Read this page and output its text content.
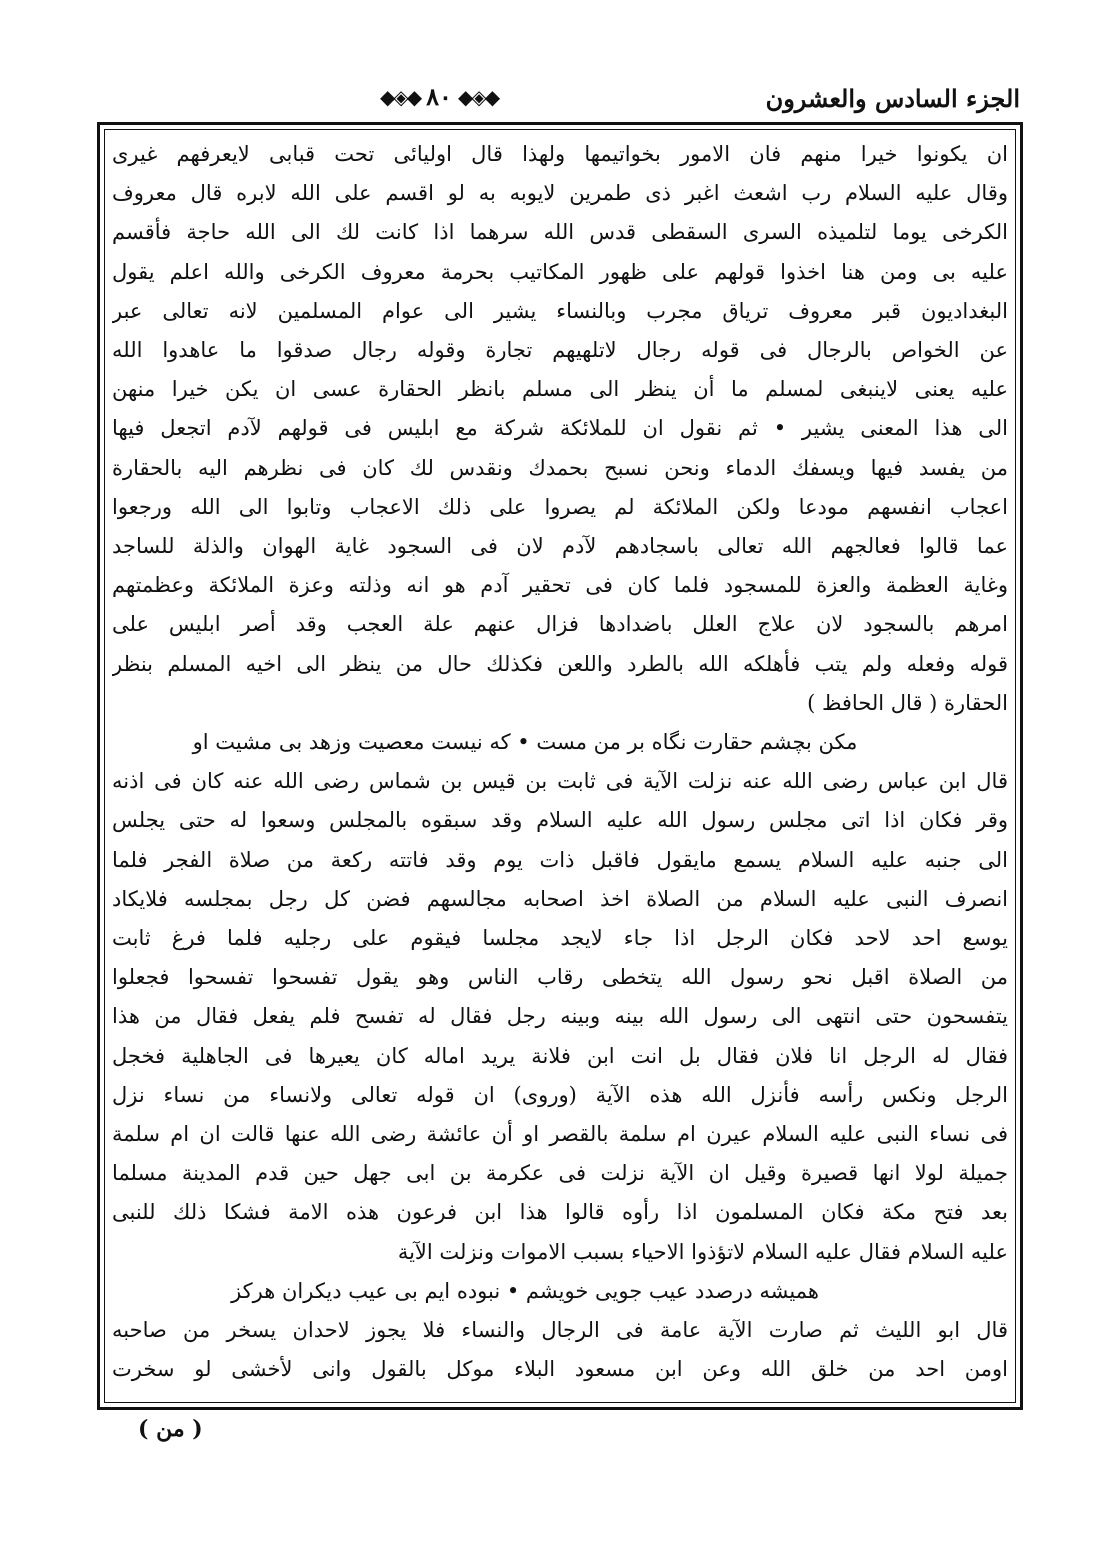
الجزء السادس والعشرون
◆◈◆
٨٠
◆◈◆
ان يكونوا خيرا منهم فان الامور بخواتيمها ولهذا قال اوليائى تحت قبابى لايعرفهم غيرى
وقال عليه السلام رب اشعث اغبر ذى طمرين لايوبه به لو اقسم على الله لابره قال معروف
الكرخى يوما لتلميذه السرى السقطى قدس الله سرهما اذا كانت لك الى الله حاجة فأقسم
عليه بى ومن هنا اخذوا قولهم على ظهور المكاتيب بحرمة معروف الكرخى والله اعلم يقول
البغداديون قبر معروف ترياق مجرب وبالنساء يشير الى عوام المسلمين لانه تعالى عبر
عن الخواص بالرجال فى قوله رجال لاتلهيهم تجارة وقوله رجال صدقوا ما عاهدوا الله
عليه يعنى لاينبغى لمسلم ما أن ينظر الى مسلم بانظر الحقارة عسى ان يكن خيرا منهن
الى هذا المعنى يشير • ثم نقول ان للملائكة شركة مع ابليس فى قولهم لآدم اتجعل فيها
من يفسد فيها ويسفك الدماء ونحن نسبح بحمدك ونقدس لك كان فى نظرهم اليه بالحقارة
اعجاب انفسهم مودعا ولكن الملائكة لم يصروا على ذلك الاعجاب وتابوا الى الله ورجعوا
عما قالوا فعالجهم الله تعالى باسجادهم لآدم لان فى السجود غاية الهوان والذلة للساجد
وغاية العظمة والعزة للمسجود فلما كان فى تحقير آدم هو انه وذلته وعزة الملائكة وعظمتهم
امرهم بالسجود لان علاج العلل باضدادها فزال عنهم علة العجب وقد أصر ابليس على
قوله وفعله ولم يتب فأهلكه الله بالطرد واللعن فكذلك حال من ينظر الى اخيه المسلم بنظر
الحقارة ( قال الحافظ )
مكن بچشم حقارت نگاه بر من مست • كه نيست معصيت وزهد بى مشيت او
قال ابن عباس رضى الله عنه نزلت الآية فى ثابت بن قيس بن شماس رضى الله عنه كان فى اذنه
وقر فكان اذا اتى مجلس رسول الله عليه السلام وقد سبقوه بالمجلس وسعوا له حتى يجلس
الى جنبه عليه السلام يسمع مايقول فاقبل ذات يوم وقد فاتته ركعة من صلاة الفجر فلما
انصرف النبى عليه السلام من الصلاة اخذ اصحابه مجالسهم فضن كل رجل بمجلسه فلايكاد
يوسع احد لاحد فكان الرجل اذا جاء لايجد مجلسا فيقوم على رجليه فلما فرغ ثابت
من الصلاة اقبل نحو رسول الله يتخطى رقاب الناس وهو يقول تفسحوا تفسحوا فجعلوا
يتفسحون حتى انتهى الى رسول الله بينه وبينه رجل فقال له تفسح فلم يفعل فقال من هذا
فقال له الرجل انا فلان فقال بل انت ابن فلانة يريد اماله كان يعيرها فى الجاهلية فخجل
الرجل ونكس رأسه فأنزل الله هذه الآية (وروى) ان قوله تعالى ولانساء من نساء نزل
فى نساء النبى عليه السلام عيرن ام سلمة بالقصر او أن عائشة رضى الله عنها قالت ان ام سلمة
جميلة لولا انها قصيرة وقيل ان الآية نزلت فى عكرمة بن ابى جهل حين قدم المدينة مسلما
بعد فتح مكة فكان المسلمون اذا رأوه قالوا هذا ابن فرعون هذه الامة فشكا ذلك للنبى
عليه السلام فقال عليه السلام لاتؤذوا الاحياء بسبب الاموات ونزلت الآية
هميشه درصدد عيب جويى خويشم • نبوده ايم بى عيب ديكران هركز
قال ابو الليث ثم صارت الآية عامة فى الرجال والنساء فلا يجوز لاحدان يسخر من صاحبه
اومن احد من خلق الله وعن ابن مسعود البلاء موكل بالقول وانى لأخشى لو سخرت
( من )
